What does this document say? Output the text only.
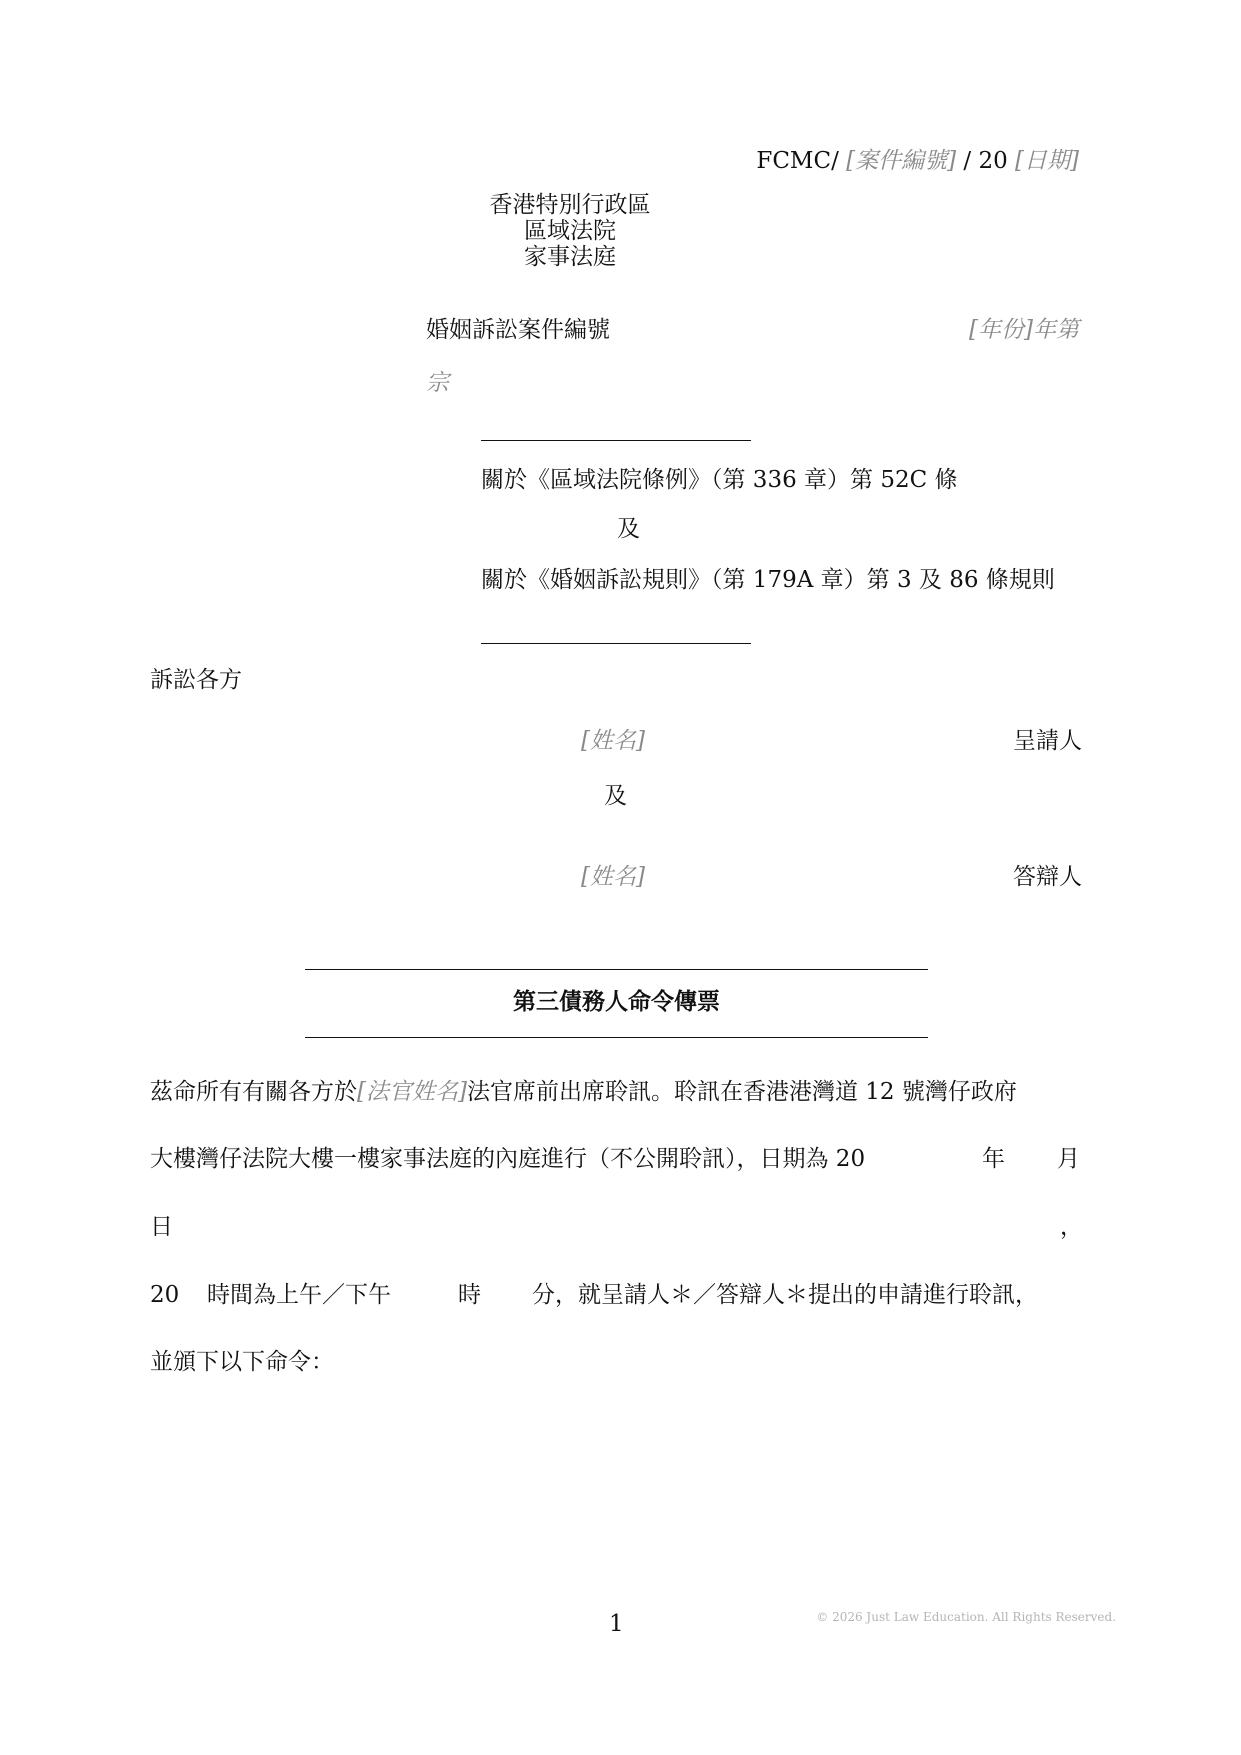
FCMC/ [案件編號] / 20 [日期]
香港特別行政區
區域法院
家事法庭
婚姻訴訟案件編號	[年份]年第
宗
關於《區域法院條例》（第 336 章）第 52C 條
及
關於《婚姻訴訟規則》（第 179A 章）第 3 及 86 條規則
訴訟各方
[姓名]	呈請人
及
[姓名]	答辯人
第三債務人命令傳票
茲命所有有關各方於[法官姓名]法官席前出席聆訊。聆訊在香港港灣道 12 號灣仔政府
大樓灣仔法院大樓一樓家事法庭的內庭進行（不公開聆訊），日期為 20	年 月
日	，
20 時間為上午／下午	時 分，就呈請人＊／答辯人＊提出的申請進行聆訊，
並頒下以下命令：
1	© 2026 Just Law Education. All Rights Reserved.
